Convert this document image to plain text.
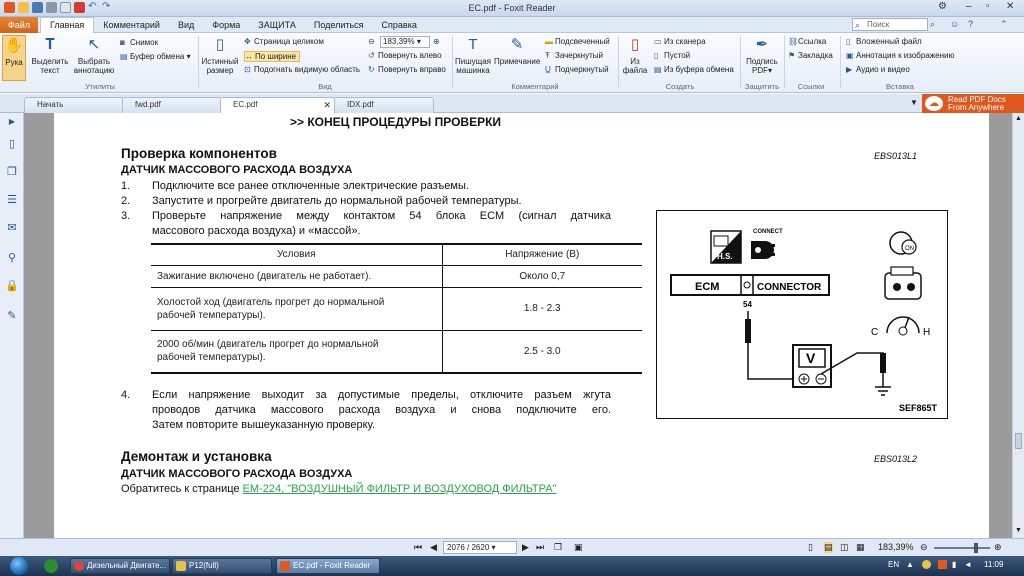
↶ ↷	EC.pdf - Foxit Reader	⚙ – ▫ ✕
Файл	Главная	Комментарий	Вид	Форма	ЗАЩИТА	Поделиться	Справка	⌕ Поиск	⌕ ☺ ?	⌃
✋
Рука
𝐓
Выделить текст
↖
Выбрать аннотацию
◙ Снимок
▤ Буфер обмена ▾
Утилиты
▯
Истинный размер
✥ Страница целиком
↔ По ширине
⊡ Подогнать видимую область
⊖	183,39% ▾	⊕
↺ Повернуть влево
↻ Повернуть вправо
Вид
T
Пишущая машинка
✎
Примечание
▬ Подсвеченный
Ŧ Зачеркнутый
U̲ Подчеркнутый
Комментарий
▯
Из файла
▭ Из сканера
▯ Пустой
▤ Из буфера обмена
Создать
✒
Подпись PDF▾
Защитить
⛓Ссылка
⚑ Закладка
Ссылки
▯ Вложенный файл
▣ Аннотация к изображению
▶ Аудио и видео
Вставка
Начать	fwd.pdf	EC.pdf	✕	IDX.pdf	▼	☁	Read PDF Docs
From Anywhere
▶
▯
❐
☰
✉
⚲
🔒
✎
>> КОНЕЦ ПРОЦЕДУРЫ ПРОВЕРКИ
Проверка компонентов	EBS013L1
ДАТЧИК МАССОВОГО РАСХОДА ВОЗДУХА
1. Подключите все ранее отключенные электрические разъемы.
2. Запустите и прогрейте двигатель до нормальной рабочей температуры.
3. Проверьте напряжение между контактом 54 блока ECM (сигнал датчика
массового расхода воздуха) и «массой».
Условия	Напряжение (В)
Зажигание включено (двигатель не работает).	Около 0,7
Холостой ход (двигатель прогрет до нормальной
рабочей температуры).	1.8 - 2.3
2000 об/мин (двигатель прогрет до нормальной
рабочей температуры).	2.5 - 3.0
4. Если напряжение выходит за допустимые пределы, отключите разъем жгута
проводов датчика массового расхода воздуха и снова подключите его.
Затем повторите вышеуказанную проверку.
Демонтаж и установка	EBS013L2
ДАТЧИК МАССОВОГО РАСХОДА ВОЗДУХА
Обратитесь к странице EM-224, "ВОЗДУШНЫЙ ФИЛЬТР И ВОЗДУХОВОД ФИЛЬТРА"
H.S.
CONNECT
ON
C	H
ECM	CONNECTOR
54
V
SEF865T
▲
▼
⏮ ◀	2076 / 2620 ▾	▶ ⏭ ❐ ▣	▯ ▤ ◫ ▦ 183,39% ⊖	⊕
Дизельный Двигате...	P12(full)	EC.pdf - Foxit Reader	EN ▲	▮ ◄ 11:09
